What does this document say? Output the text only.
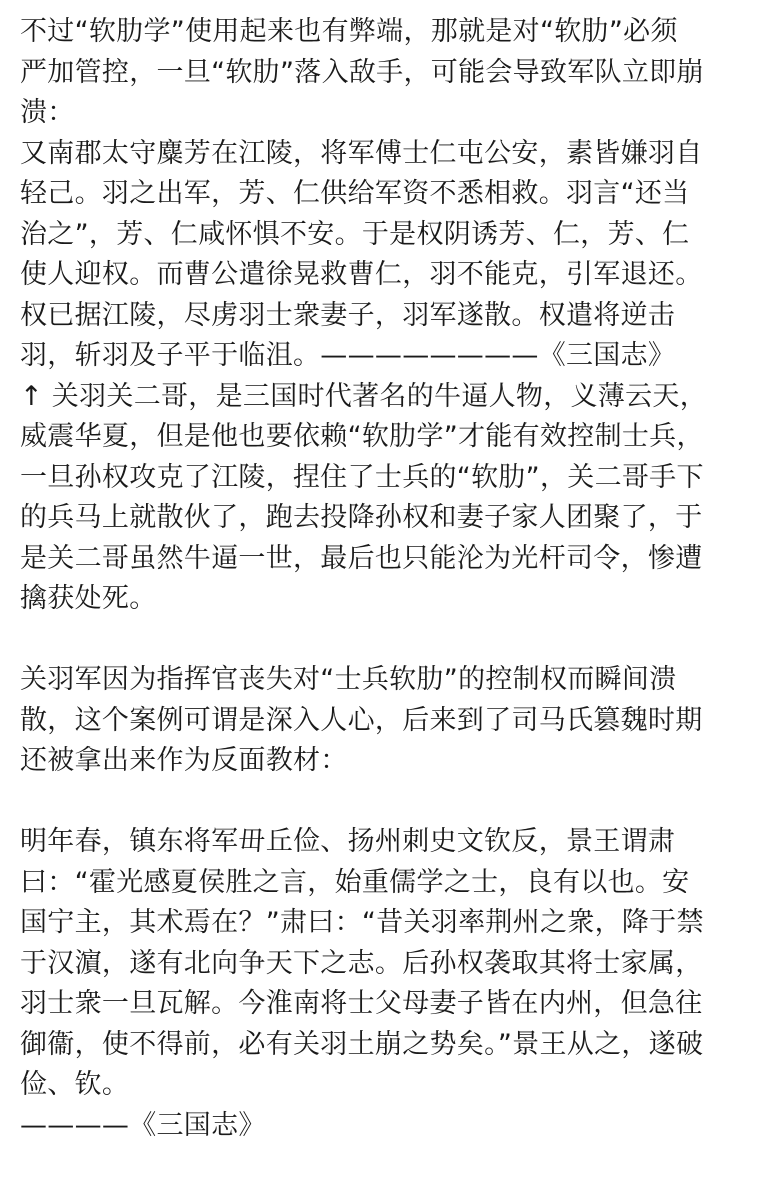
不过“软肋学”使用起来也有弊端，那就是对“软肋”必须
严加管控，一旦“软肋”落入敌手，可能会导致军队立即崩
溃：
又南郡太守麋芳在江陵，将军傅士仁屯公安，素皆嫌羽自
轻己。羽之出军，芳、仁供给军资不悉相救。羽言“还当
治之”，芳、仁咸怀惧不安。于是权阴诱芳、仁，芳、仁
使人迎权。而曹公遣徐晃救曹仁，羽不能克，引军退还。
权已据江陵，尽虏羽士衆妻子，羽军遂散。权遣将逆击
羽，斩羽及子平于临沮。————————《三国志》
↑ 关羽关二哥，是三国时代著名的牛逼人物，义薄云天，
威震华夏，但是他也要依赖“软肋学”才能有效控制士兵，
一旦孙权攻克了江陵，捏住了士兵的“软肋”，关二哥手下
的兵马上就散伙了，跑去投降孙权和妻子家人团聚了，于
是关二哥虽然牛逼一世，最后也只能沦为光杆司令，惨遭
擒获处死。
关羽军因为指挥官丧失对“士兵软肋”的控制权而瞬间溃
散，这个案例可谓是深入人心，后来到了司马氏篡魏时期
还被拿出来作为反面教材：
明年春，镇东将军毌丘俭、扬州刺史文钦反，景王谓肃
曰：“霍光感夏侯胜之言，始重儒学之士，良有以也。安
国宁主，其术焉在？”肃曰：“昔关羽率荆州之衆，降于禁
于汉濵，遂有北向争天下之志。后孙权袭取其将士家属，
羽士衆一旦瓦解。今淮南将士父母妻子皆在内州，但急往
御衞，使不得前，必有关羽土崩之势矣。”景王从之，遂破
俭、钦。
————《三国志》
